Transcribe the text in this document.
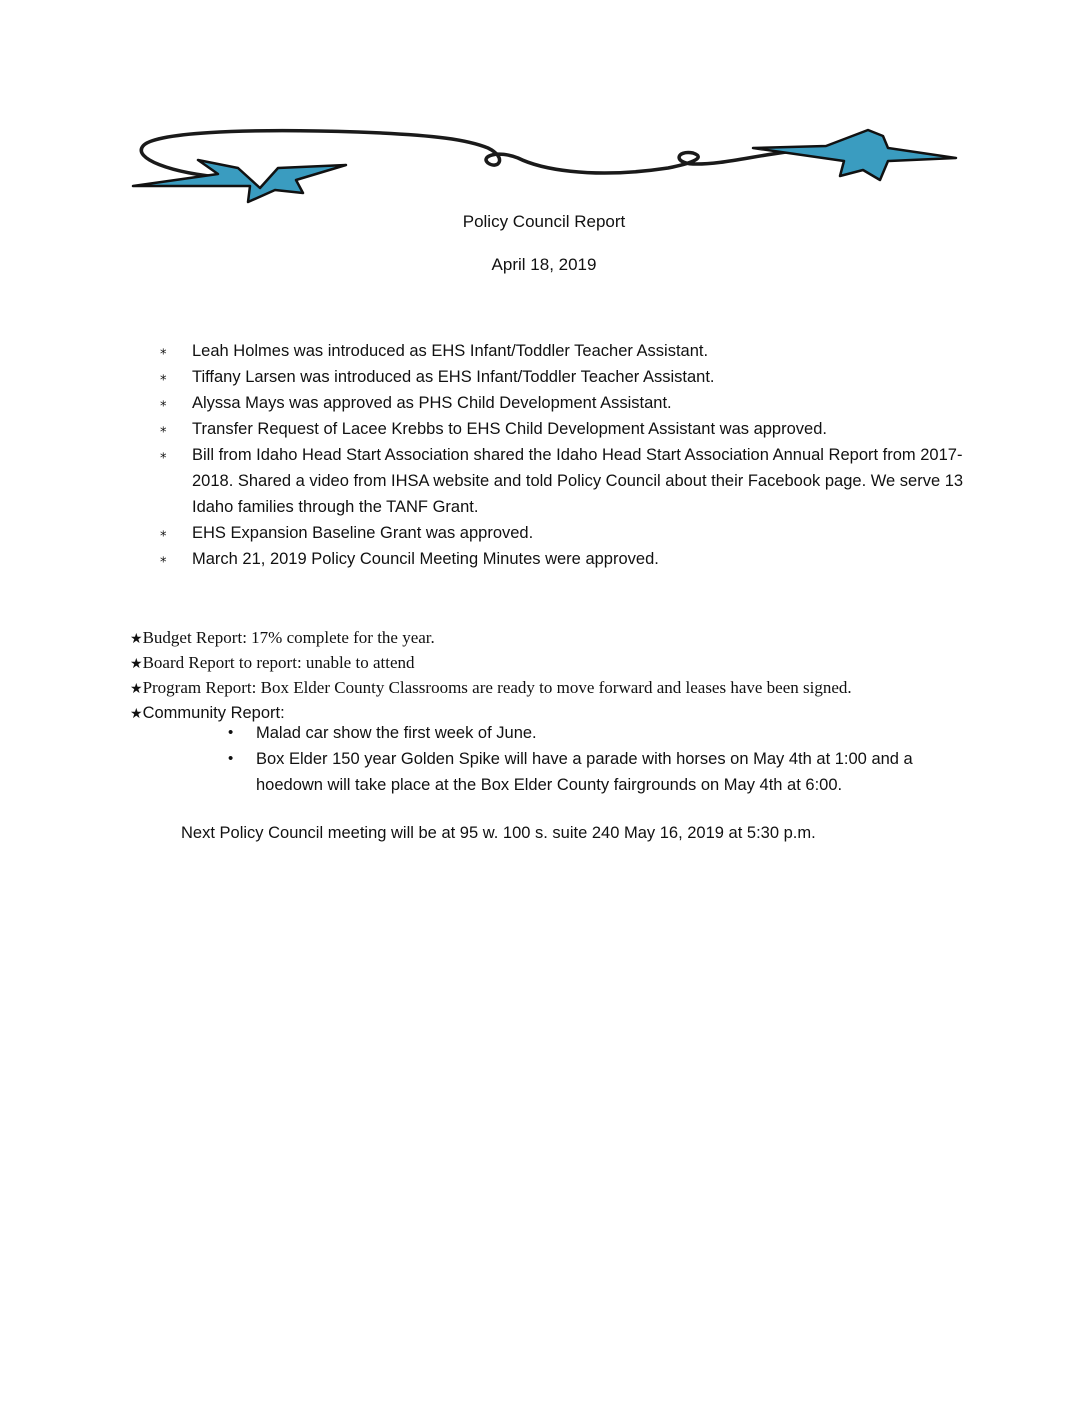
Policy Council Report
April 18, 2019
⁎ Leah Holmes was introduced as EHS Infant/Toddler Teacher Assistant.
⁎ Tiffany Larsen was introduced as EHS Infant/Toddler Teacher Assistant.
⁎ Alyssa Mays was approved as PHS Child Development Assistant.
⁎ Transfer Request of Lacee Krebbs to EHS Child Development Assistant was approved.
⁎ Bill from Idaho Head Start Association shared the Idaho Head Start Association Annual Report from 2017-2018. Shared a video from IHSA website and told Policy Council about their Facebook page. We serve 13 Idaho families through the TANF Grant.
⁎ EHS Expansion Baseline Grant was approved.
⁎ March 21, 2019 Policy Council Meeting Minutes were approved.
★Budget Report: 17% complete for the year.
★Board Report to report: unable to attend
★Program Report: Box Elder County Classrooms are ready to move forward and leases have been signed.
★Community Report:
• Malad car show the first week of June.
• Box Elder 150 year Golden Spike will have a parade with horses on May 4th at 1:00 and a hoedown will take place at the Box Elder County fairgrounds on May 4th at 6:00.
Next Policy Council meeting will be at 95 w. 100 s. suite 240 May 16, 2019 at 5:30 p.m.
